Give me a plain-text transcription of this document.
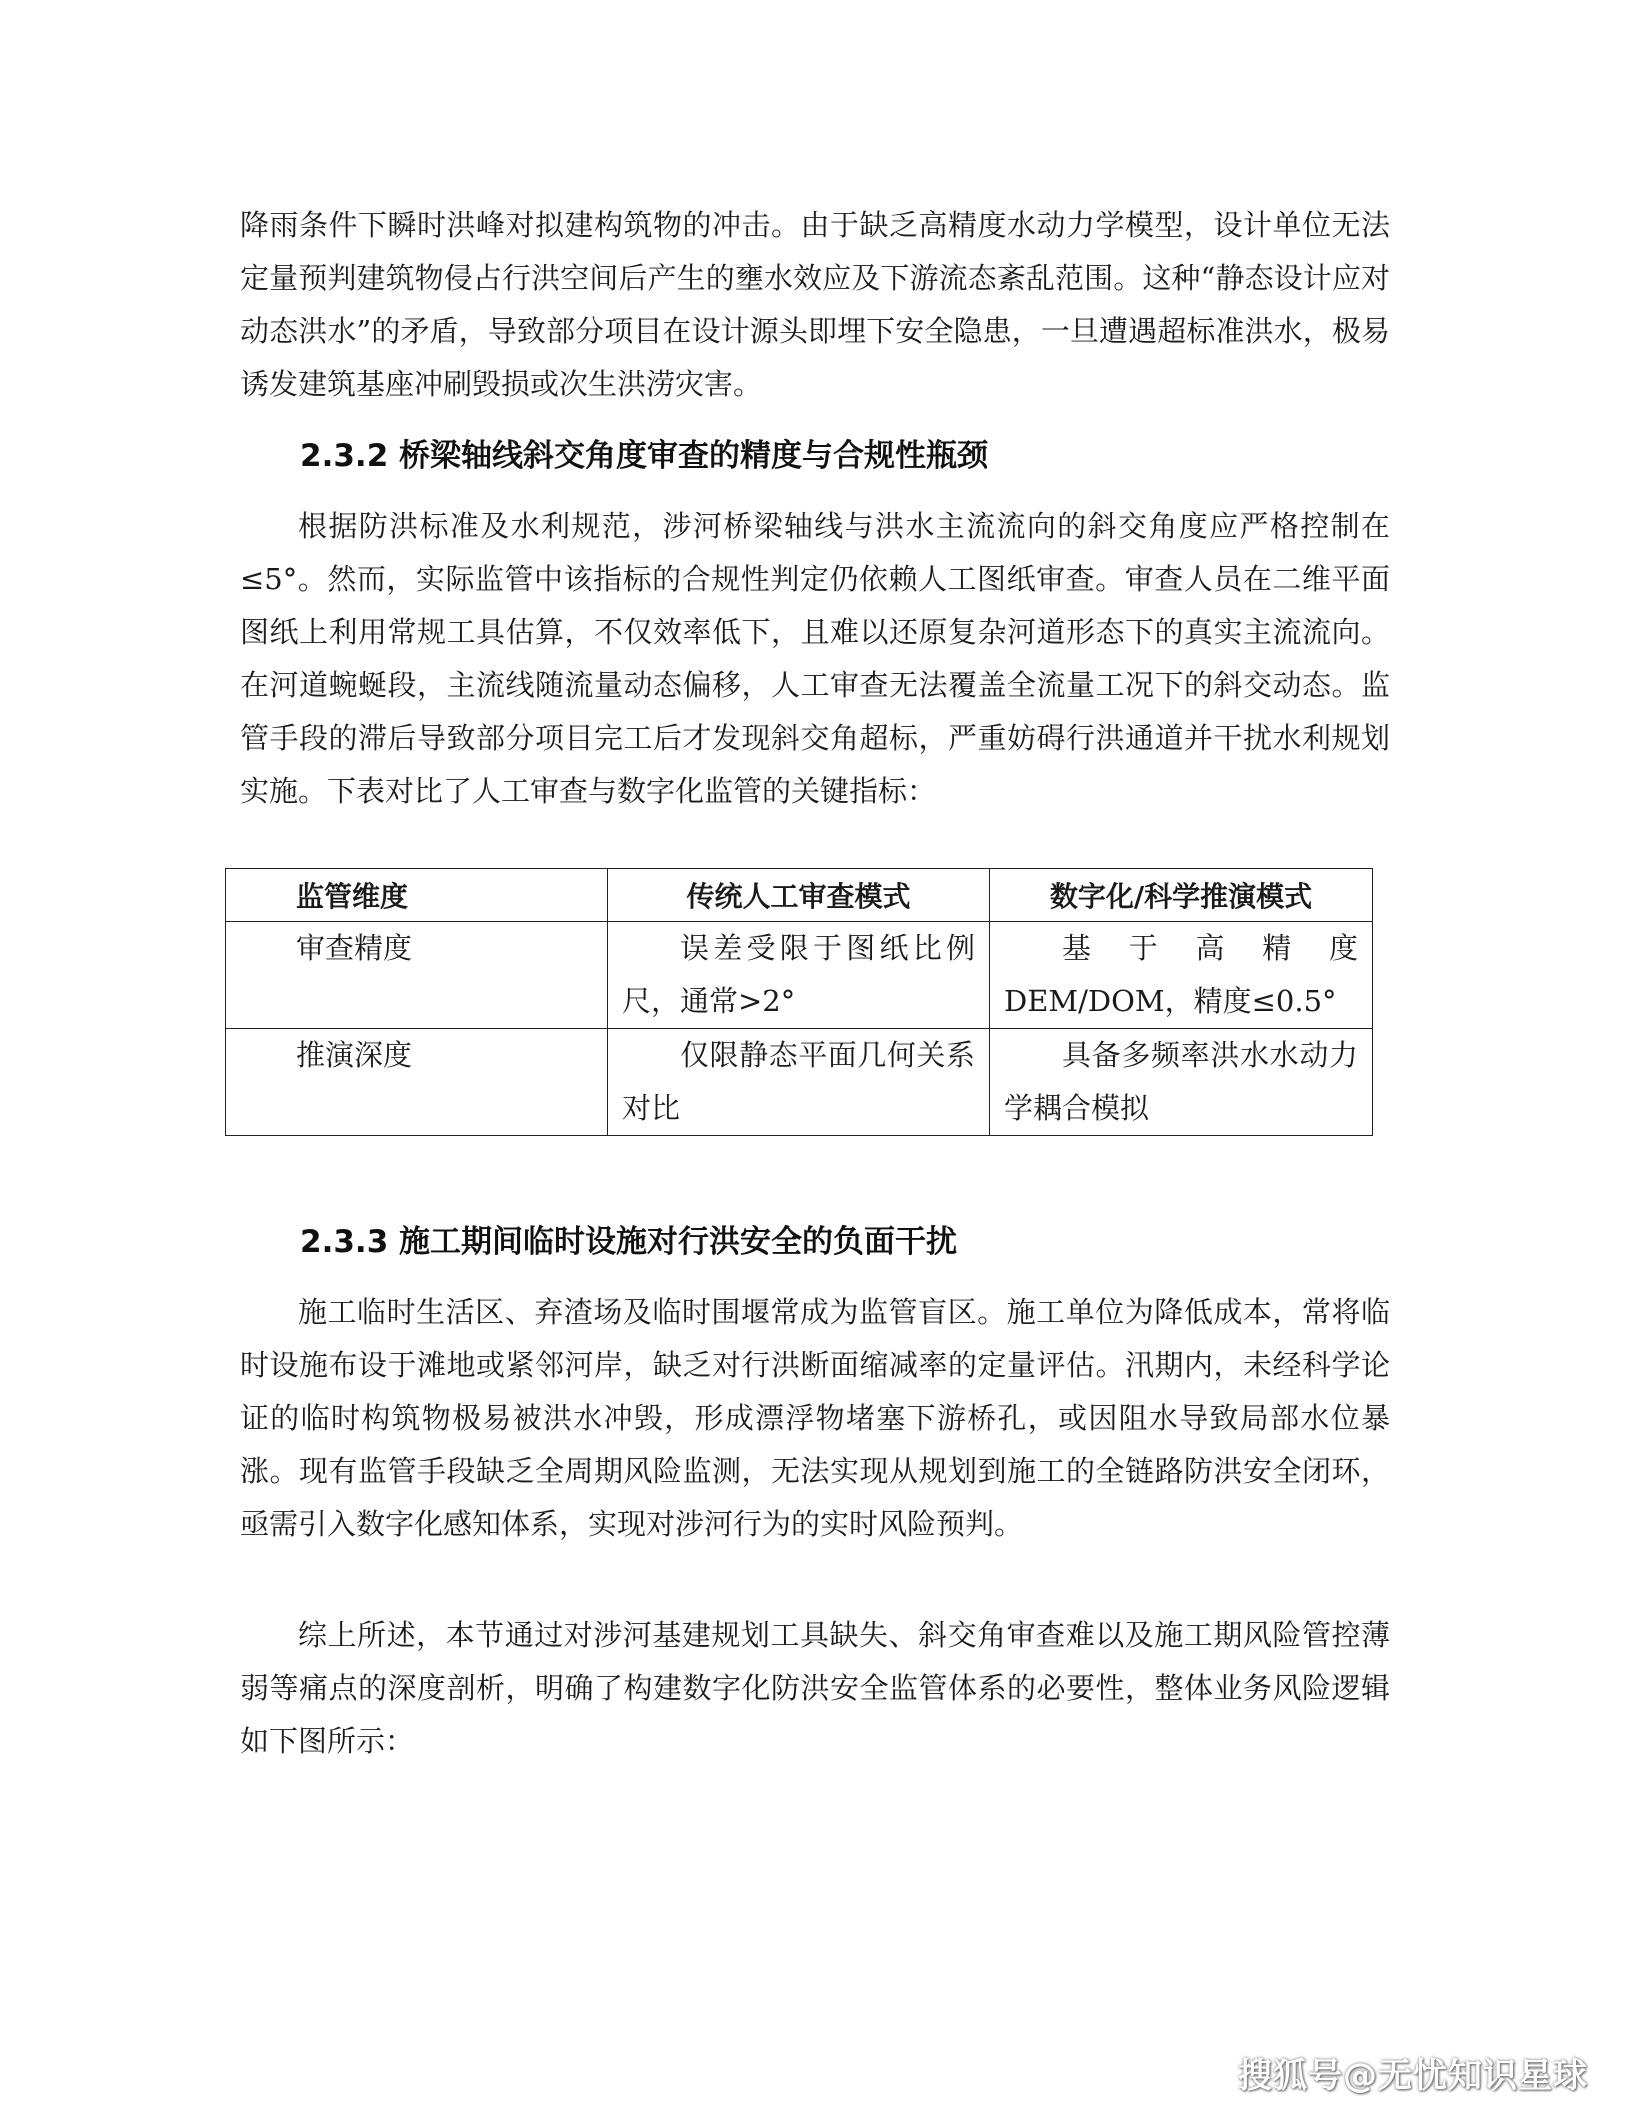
降雨条件下瞬时洪峰对拟建构筑物的冲击。由于缺乏高精度水动力学模型，设计单位无法定量预判建筑物侵占行洪空间后产生的壅水效应及下游流态紊乱范围。这种“静态设计应对动态洪水”的矛盾，导致部分项目在设计源头即埋下安全隐患，一旦遭遇超标准洪水，极易诱发建筑基座冲刷毁损或次生洪涝灾害。

2.3.2 桥梁轴线斜交角度审查的精度与合规性瓶颈

根据防洪标准及水利规范，涉河桥梁轴线与洪水主流流向的斜交角度应严格控制在≤5°。然而，实际监管中该指标的合规性判定仍依赖人工图纸审查。审查人员在二维平面图纸上利用常规工具估算，不仅效率低下，且难以还原复杂河道形态下的真实主流流向。在河道蜿蜒段，主流线随流量动态偏移，人工审查无法覆盖全流量工况下的斜交动态。监管手段的滞后导致部分项目完工后才发现斜交角超标，严重妨碍行洪通道并干扰水利规划实施。下表对比了人工审查与数字化监管的关键指标：

监管维度	传统人工审查模式	数字化/科学推演模式
审查精度	误差受限于图纸比例尺，通常>2°	基于高精度DEM/DOM，精度≤0.5°
推演深度	仅限静态平面几何关系对比	具备多频率洪水水动力学耦合模拟
2.3.3 施工期间临时设施对行洪安全的负面干扰

施工临时生活区、弃渣场及临时围堰常成为监管盲区。施工单位为降低成本，常将临时设施布设于滩地或紧邻河岸，缺乏对行洪断面缩减率的定量评估。汛期内，未经科学论证的临时构筑物极易被洪水冲毁，形成漂浮物堵塞下游桥孔，或因阻水导致局部水位暴涨。现有监管手段缺乏全周期风险监测，无法实现从规划到施工的全链路防洪安全闭环，亟需引入数字化感知体系，实现对涉河行为的实时风险预判。

综上所述，本节通过对涉河基建规划工具缺失、斜交角审查难以及施工期风险管控薄弱等痛点的深度剖析，明确了构建数字化防洪安全监管体系的必要性，整体业务风险逻辑如下图所示：

搜狐号@无忧知识星球
